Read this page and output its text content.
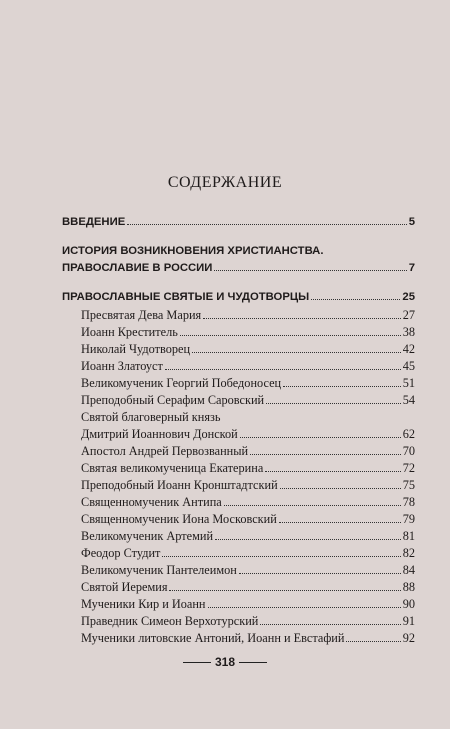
СОДЕРЖАНИЕ
ВВЕДЕНИЕ	5
ИСТОРИЯ ВОЗНИКНОВЕНИЯ ХРИСТИАНСТВА.
ПРАВОСЛАВИЕ В РОССИИ	7
ПРАВОСЛАВНЫЕ СВЯТЫЕ И ЧУДОТВОРЦЫ	25
Пресвятая Дева Мария	27
Иоанн Креститель	38
Николай Чудотворец	42
Иоанн Златоуст	45
Великомученик Георгий Победоносец	51
Преподобный Серафим Саровский	54
Святой благоверный князь
Дмитрий Иоаннович Донской	62
Апостол Андрей Первозванный	70
Святая великомученица Екатерина	72
Преподобный Иоанн Кронштадтский	75
Священномученик Антипа	78
Священномученик Иона Московский	79
Великомученик Артемий	81
Феодор Студит	82
Великомученик Пантелеимон	84
Святой Иеремия	88
Мученики Кир и Иоанн	90
Праведник Симеон Верхотурский	91
Мученики литовские Антоний, Иоанн и Евстафий	92
318
